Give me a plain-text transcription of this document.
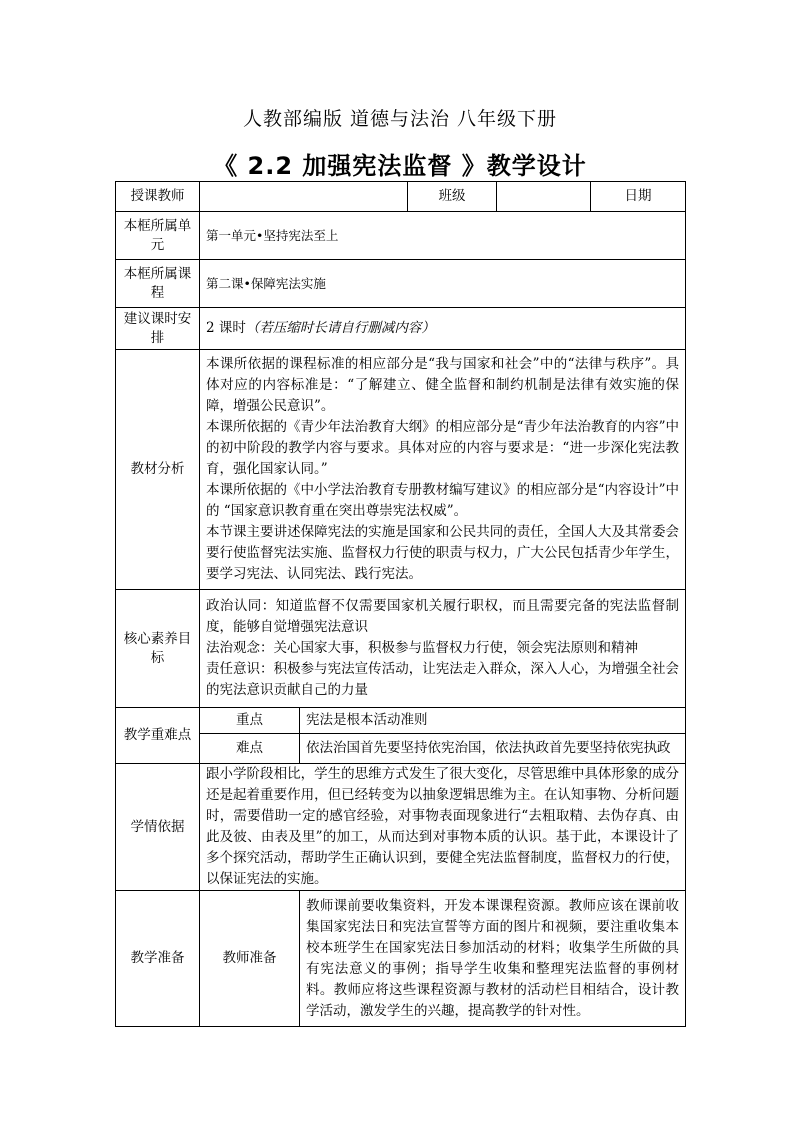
人教部编版 道德与法治 八年级下册
《 2.2 加强宪法监督 》教学设计
授课教师			班级		日期
本框所属单元	第一单元•坚持宪法至上				
本框所属课程	第二课•保障宪法实施				
建议课时安排	2 课时（若压缩时长请自行删减内容）				
教材分析	本课所依据的课程标准的相应部分是“我与国家和社会”中的“法律与秩序”。具体对应的内容标准是：“了解建立、健全监督和制约机制是法律有效实施的保障，增强公民意识”。

本课所依据的《青少年法治教育大纲》的相应部分是“青少年法治教育的内容”中的初中阶段的教学内容与要求。具体对应的内容与要求是：“进一步深化宪法教育，强化国家认同。”

本课所依据的《中小学法治教育专册教材编写建议》的相应部分是“内容设计”中的 “国家意识教育重在突出尊崇宪法权威”。

本节课主要讲述保障宪法的实施是国家和公民共同的责任，全国人大及其常委会要行使监督宪法实施、监督权力行使的职责与权力，广大公民包括青少年学生，要学习宪法、认同宪法、践行宪法。				

核心素养目标	政治认同：知道监督不仅需要国家机关履行职权，而且需要完备的宪法监督制度，能够自觉增强宪法意识

法治观念：关心国家大事，积极参与监督权力行使，领会宪法原则和精神

责任意识：积极参与宪法宣传活动，让宪法走入群众，深入人心，为增强全社会的宪法意识贡献自己的力量				

教学重难点	重点	宪法是根本活动准则			
	难点	依法治国首先要坚持依宪治国，依法执政首先要坚持依宪执政			
学情依据	跟小学阶段相比，学生的思维方式发生了很大变化，尽管思维中具体形象的成分还是起着重要作用，但已经转变为以抽象逻辑思维为主。在认知事物、分析问题时，需要借助一定的感官经验，对事物表面现象进行“去粗取精、去伪存真、由此及彼、由表及里”的加工，从而达到对事物本质的认识。基于此，本课设计了多个探究活动，帮助学生正确认识到，要健全宪法监督制度，监督权力的行使，以保证宪法的实施。				
教学准备	教师准备	教师课前要收集资料，开发本课课程资源。教师应该在课前收集国家宪法日和宪法宣誓等方面的图片和视频，要注重收集本校本班学生在国家宪法日参加活动的材料；收集学生所做的具有宪法意义的事例；指导学生收集和整理宪法监督的事例材料。教师应将这些课程资源与教材的活动栏目相结合，设计教学活动，激发学生的兴趣，提高教学的针对性。			
